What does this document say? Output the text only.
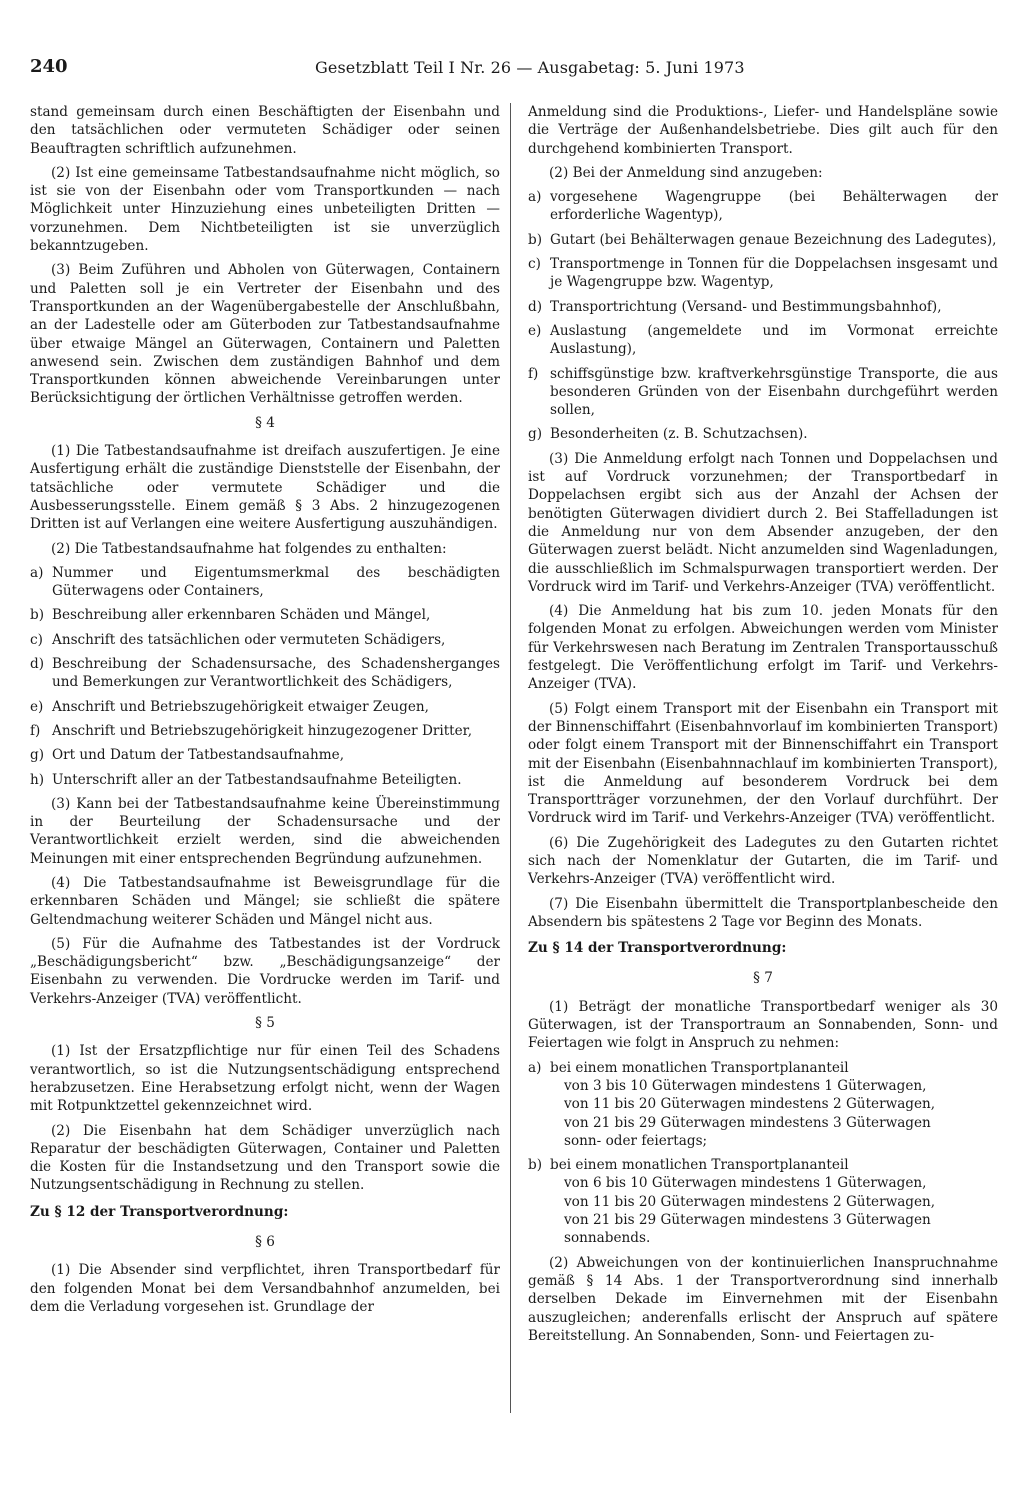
240	Gesetzblatt Teil I Nr. 26 — Ausgabetag: 5. Juni 1973

stand gemeinsam durch einen Beschäftigten der Eisenbahn und den tatsächlichen oder vermuteten Schädiger oder seinen Beauftragten schriftlich aufzunehmen.

(2) Ist eine gemeinsame Tatbestandsaufnahme nicht möglich, so ist sie von der Eisenbahn oder vom Transportkunden — nach Möglichkeit unter Hinzuziehung eines unbeteiligten Dritten — vorzunehmen. Dem Nichtbeteiligten ist sie unverzüglich bekanntzugeben.

(3) Beim Zuführen und Abholen von Güterwagen, Containern und Paletten soll je ein Vertreter der Eisenbahn und des Transportkunden an der Wagenübergabestelle der Anschlußbahn, an der Ladestelle oder am Güterboden zur Tatbestandsaufnahme über etwaige Mängel an Güterwagen, Containern und Paletten anwesend sein. Zwischen dem zuständigen Bahnhof und dem Transportkunden können abweichende Vereinbarungen unter Berücksichtigung der örtlichen Verhältnisse getroffen werden.

§ 4

(1) Die Tatbestandsaufnahme ist dreifach auszufertigen. Je eine Ausfertigung erhält die zuständige Dienststelle der Eisenbahn, der tatsächliche oder vermutete Schädiger und die Ausbesserungsstelle. Einem gemäß § 3 Abs. 2 hinzugezogenen Dritten ist auf Verlangen eine weitere Ausfertigung auszuhändigen.

(2) Die Tatbestandsaufnahme hat folgendes zu enthalten:

a) Nummer und Eigentumsmerkmal des beschädigten Güterwagens oder Containers,
b) Beschreibung aller erkennbaren Schäden und Mängel,
c) Anschrift des tatsächlichen oder vermuteten Schädigers,
d) Beschreibung der Schadensursache, des Schadensherganges und Bemerkungen zur Verantwortlichkeit des Schädigers,
e) Anschrift und Betriebszugehörigkeit etwaiger Zeugen,
f) Anschrift und Betriebszugehörigkeit hinzugezogener Dritter,
g) Ort und Datum der Tatbestandsaufnahme,
h) Unterschrift aller an der Tatbestandsaufnahme Beteiligten.

(3) Kann bei der Tatbestandsaufnahme keine Übereinstimmung in der Beurteilung der Schadensursache und der Verantwortlichkeit erzielt werden, sind die abweichenden Meinungen mit einer entsprechenden Begründung aufzunehmen.

(4) Die Tatbestandsaufnahme ist Beweisgrundlage für die erkennbaren Schäden und Mängel; sie schließt die spätere Geltendmachung weiterer Schäden und Mängel nicht aus.

(5) Für die Aufnahme des Tatbestandes ist der Vordruck „Beschädigungsbericht“ bzw. „Beschädigungsanzeige“ der Eisenbahn zu verwenden. Die Vordrucke werden im Tarif- und Verkehrs-Anzeiger (TVA) veröffentlicht.

§ 5

(1) Ist der Ersatzpflichtige nur für einen Teil des Schadens verantwortlich, so ist die Nutzungsentschädigung entsprechend herabzusetzen. Eine Herabsetzung erfolgt nicht, wenn der Wagen mit Rotpunktzettel gekennzeichnet wird.

(2) Die Eisenbahn hat dem Schädiger unverzüglich nach Reparatur der beschädigten Güterwagen, Container und Paletten die Kosten für die Instandsetzung und den Transport sowie die Nutzungsentschädigung in Rechnung zu stellen.

Zu § 12 der Transportverordnung:
§ 6

(1) Die Absender sind verpflichtet, ihren Transportbedarf für den folgenden Monat bei dem Versandbahnhof anzumelden, bei dem die Verladung vorgesehen ist. Grundlage der

Anmeldung sind die Produktions-, Liefer- und Handelspläne sowie die Verträge der Außenhandelsbetriebe. Dies gilt auch für den durchgehend kombinierten Transport.

(2) Bei der Anmeldung sind anzugeben:

a) vorgesehene Wagengruppe (bei Behälterwagen der erforderliche Wagentyp),
b) Gutart (bei Behälterwagen genaue Bezeichnung des Ladegutes),
c) Transportmenge in Tonnen für die Doppelachsen insgesamt und je Wagengruppe bzw. Wagentyp,
d) Transportrichtung (Versand- und Bestimmungsbahnhof),
e) Auslastung (angemeldete und im Vormonat erreichte Auslastung),
f) schiffsgünstige bzw. kraftverkehrsgünstige Transporte, die aus besonderen Gründen von der Eisenbahn durchgeführt werden sollen,
g) Besonderheiten (z. B. Schutzachsen).

(3) Die Anmeldung erfolgt nach Tonnen und Doppelachsen und ist auf Vordruck vorzunehmen; der Transportbedarf in Doppelachsen ergibt sich aus der Anzahl der Achsen der benötigten Güterwagen dividiert durch 2. Bei Staffelladungen ist die Anmeldung nur von dem Absender anzugeben, der den Güterwagen zuerst belädt. Nicht anzumelden sind Wagenladungen, die ausschließlich im Schmalspurwagen transportiert werden. Der Vordruck wird im Tarif- und Verkehrs-Anzeiger (TVA) veröffentlicht.

(4) Die Anmeldung hat bis zum 10. jeden Monats für den folgenden Monat zu erfolgen. Abweichungen werden vom Minister für Verkehrswesen nach Beratung im Zentralen Transportausschuß festgelegt. Die Veröffentlichung erfolgt im Tarif- und Verkehrs-Anzeiger (TVA).

(5) Folgt einem Transport mit der Eisenbahn ein Transport mit der Binnenschiffahrt (Eisenbahnvorlauf im kombinierten Transport) oder folgt einem Transport mit der Binnenschiffahrt ein Transport mit der Eisenbahn (Eisenbahnnachlauf im kombinierten Transport), ist die Anmeldung auf besonderem Vordruck bei dem Transportträger vorzunehmen, der den Vorlauf durchführt. Der Vordruck wird im Tarif- und Verkehrs-Anzeiger (TVA) veröffentlicht.

(6) Die Zugehörigkeit des Ladegutes zu den Gutarten richtet sich nach der Nomenklatur der Gutarten, die im Tarif- und Verkehrs-Anzeiger (TVA) veröffentlicht wird.

(7) Die Eisenbahn übermittelt die Transportplanbescheide den Absendern bis spätestens 2 Tage vor Beginn des Monats.

Zu § 14 der Transportverordnung:
§ 7

(1) Beträgt der monatliche Transportbedarf weniger als 30 Güterwagen, ist der Transportraum an Sonnabenden, Sonn- und Feiertagen wie folgt in Anspruch zu nehmen:

a) bei einem monatlichen Transportplananteil
von 3 bis 10 Güterwagen mindestens 1 Güterwagen,
von 11 bis 20 Güterwagen mindestens 2 Güterwagen,
von 21 bis 29 Güterwagen mindestens 3 Güterwagen
sonn- oder feiertags;
b) bei einem monatlichen Transportplananteil
von 6 bis 10 Güterwagen mindestens 1 Güterwagen,
von 11 bis 20 Güterwagen mindestens 2 Güterwagen,
von 21 bis 29 Güterwagen mindestens 3 Güterwagen
sonnabends.

(2) Abweichungen von der kontinuierlichen Inanspruchnahme gemäß § 14 Abs. 1 der Transportverordnung sind innerhalb derselben Dekade im Einvernehmen mit der Eisenbahn auszugleichen; anderenfalls erlischt der Anspruch auf spätere Bereitstellung. An Sonnabenden, Sonn- und Feiertagen zu-
